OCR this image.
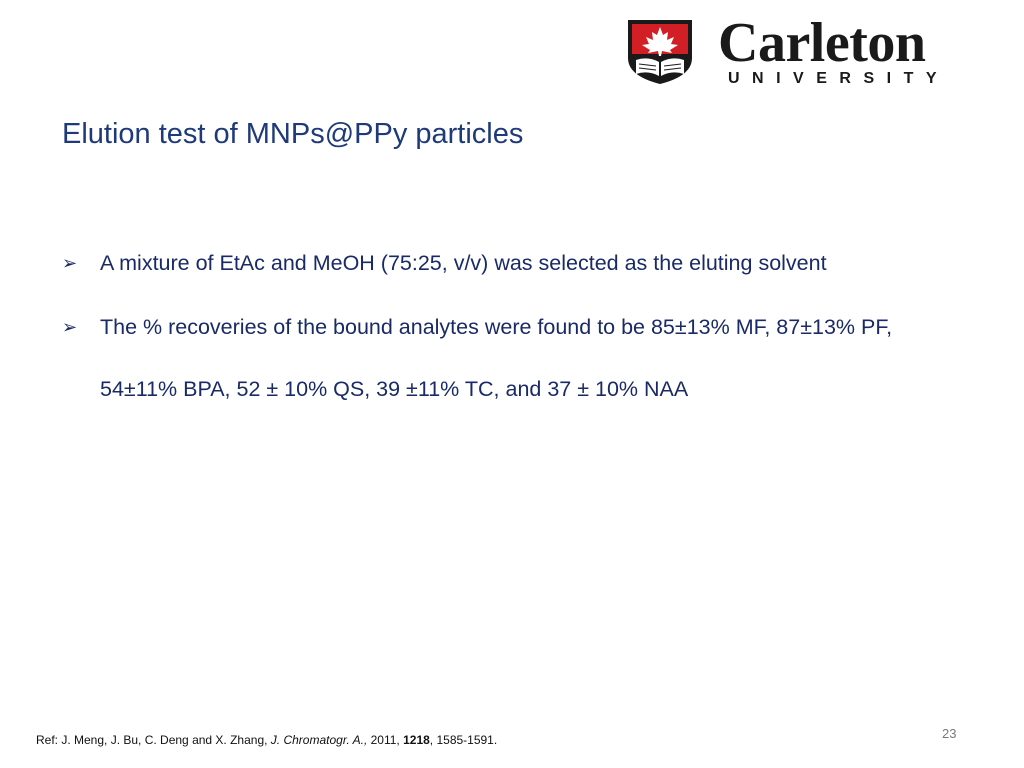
Carleton
UNIVERSITY
Elution test of MNPs@PPy particles
➢ A mixture of EtAc and MeOH (75:25, v/v) was selected as the eluting solvent
➢ The % recoveries of the bound analytes were found to be 85±13% MF, 87±13% PF, 54±11% BPA, 52 ± 10% QS, 39 ±11% TC, and 37 ± 10% NAA
Ref: J. Meng, J. Bu, C. Deng and X. Zhang, J. Chromatogr. A., 2011, 1218, 1585-1591.	23
